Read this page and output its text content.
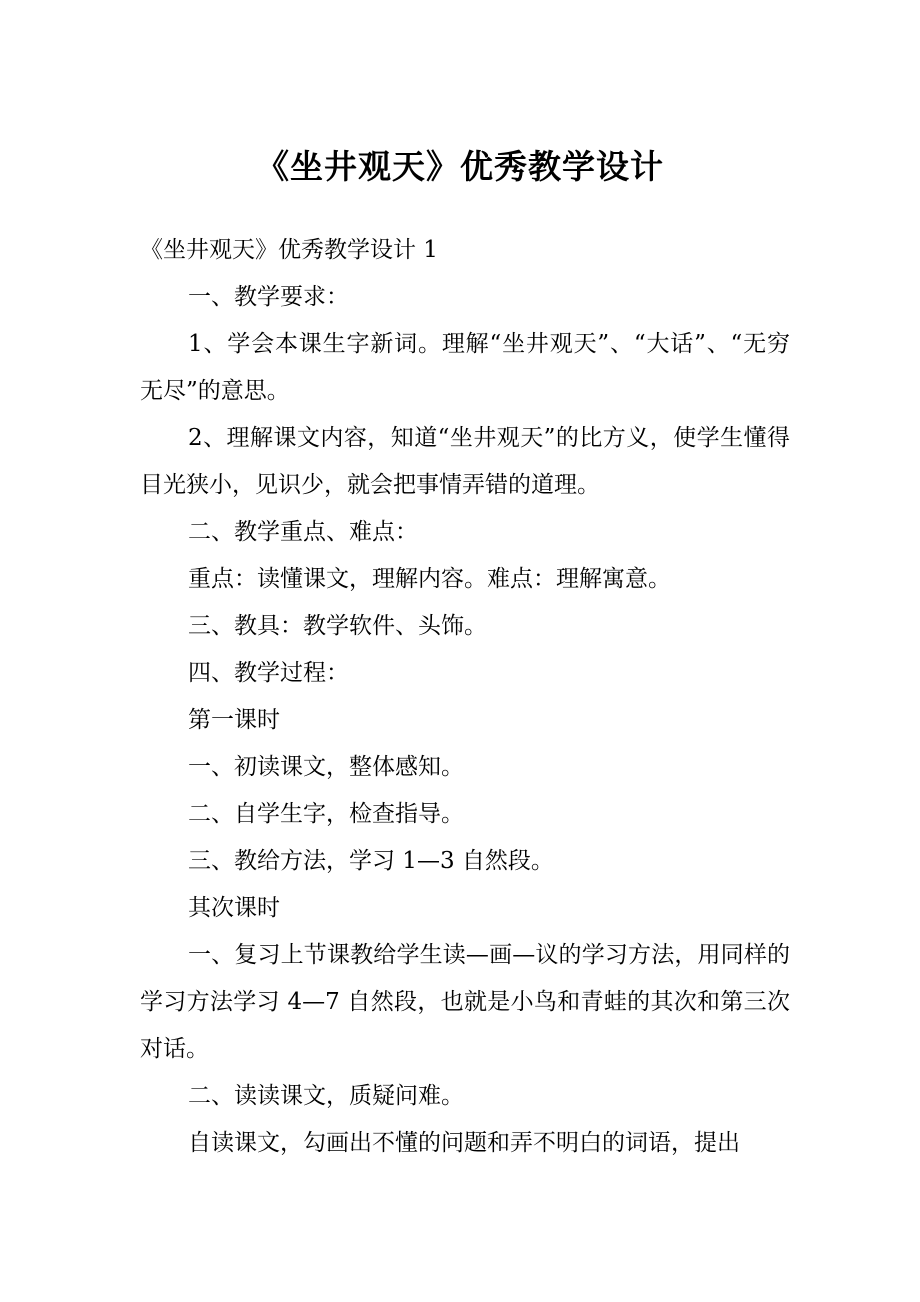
《坐井观天》优秀教学设计

《坐井观天》优秀教学设计 1

一、教学要求：

1、学会本课生字新词。理解“坐井观天”、“大话”、“无穷无尽”的意思。

2、理解课文内容，知道“坐井观天”的比方义，使学生懂得目光狭小，见识少，就会把事情弄错的道理。

二、教学重点、难点：

重点：读懂课文，理解内容。难点：理解寓意。

三、教具：教学软件、头饰。

四、教学过程：

第一课时

一、初读课文，整体感知。

二、自学生字，检查指导。

三、教给方法，学习 1—3 自然段。

其次课时

一、复习上节课教给学生读—画—议的学习方法，用同样的学习方法学习 4—7 自然段，也就是小鸟和青蛙的其次和第三次对话。

二、读读课文，质疑问难。

自读课文，勾画出不懂的问题和弄不明白的词语，提出
